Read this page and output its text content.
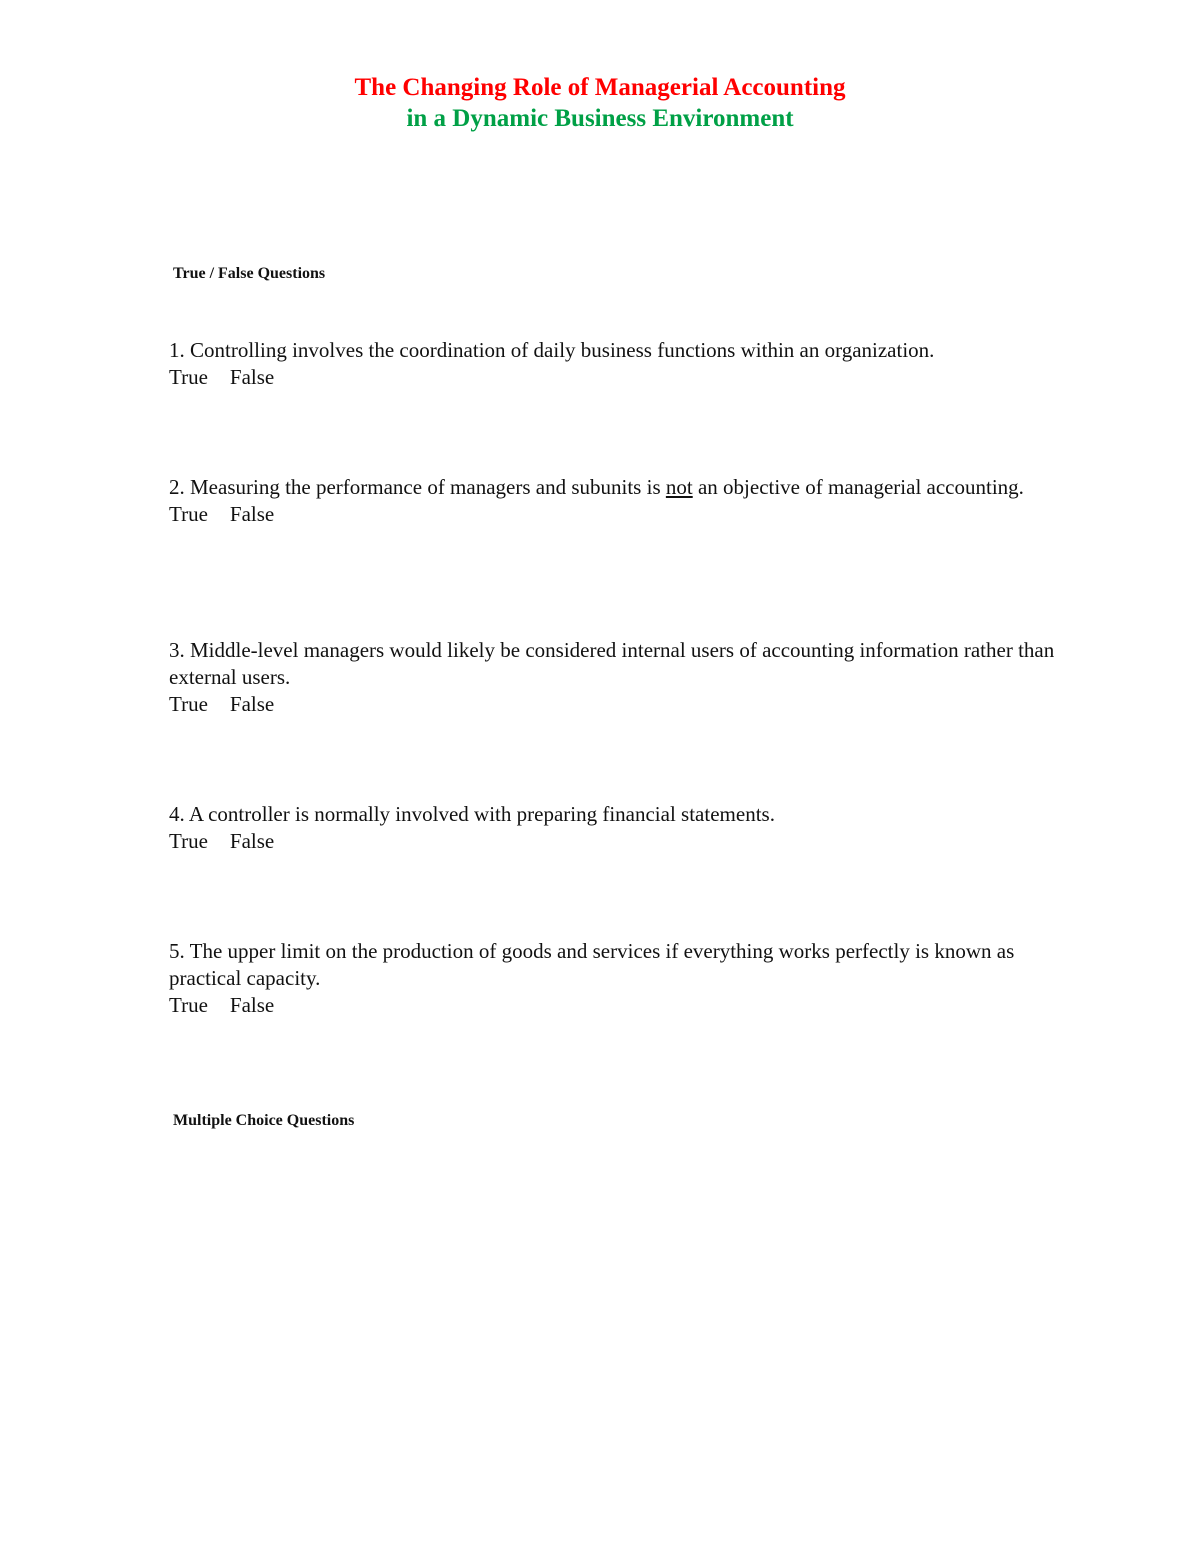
The Changing Role of Managerial Accounting
in a Dynamic Business Environment
True / False Questions
1. Controlling involves the coordination of daily business functions within an organization.
True False
2. Measuring the performance of managers and subunits is not an objective of managerial accounting.
True False
3. Middle-level managers would likely be considered internal users of accounting information rather than external users.
True False
4. A controller is normally involved with preparing financial statements.
True False
5. The upper limit on the production of goods and services if everything works perfectly is known as practical capacity.
True False
Multiple Choice Questions
